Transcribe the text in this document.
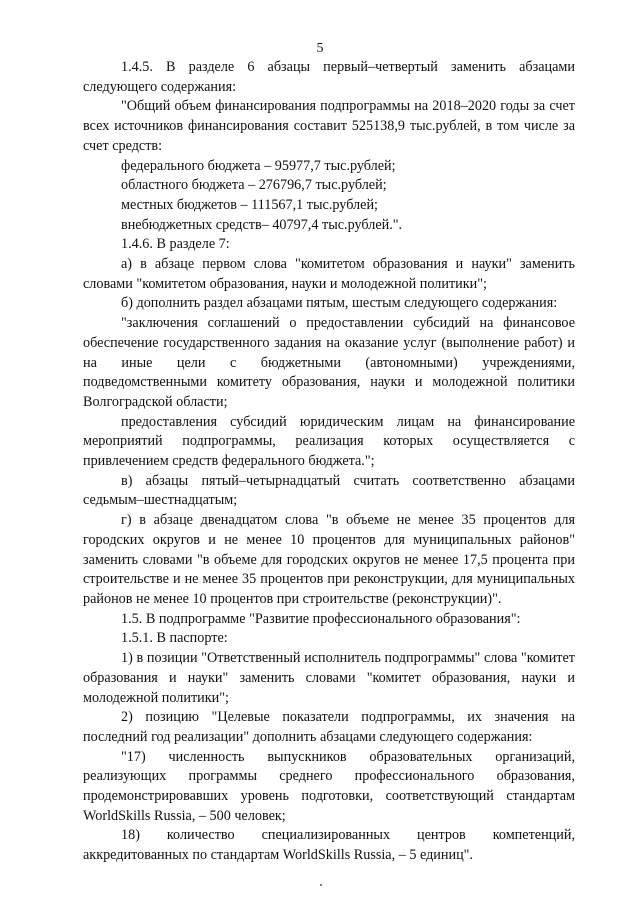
5

1.4.5. В разделе 6 абзацы первый–четвертый заменить абзацами следующего содержания:

"Общий объем финансирования подпрограммы на 2018–2020 годы за счет всех источников финансирования составит 525138,9 тыс.рублей, в том числе за счет средств:

федерального бюджета – 95977,7 тыс.рублей;

областного бюджета – 276796,7 тыс.рублей;

местных бюджетов – 111567,1 тыс.рублей;

внебюджетных средств– 40797,4 тыс.рублей.".

1.4.6. В разделе 7:

а) в абзаце первом слова "комитетом образования и науки" заменить словами "комитетом образования, науки и молодежной политики";

б) дополнить раздел абзацами пятым, шестым следующего содержания:

"заключения соглашений о предоставлении субсидий на финансовое обеспечение государственного задания на оказание услуг (выполнение работ) и на иные цели с бюджетными (автономными) учреждениями, подведомственными комитету образования, науки и молодежной политики Волгоградской области;

предоставления субсидий юридическим лицам на финансирование мероприятий подпрограммы, реализация которых осуществляется с привлечением средств федерального бюджета.";

в) абзацы пятый–четырнадцатый считать соответственно абзацами седьмым–шестнадцатым;

г) в абзаце двенадцатом слова "в объеме не менее 35 процентов для городских округов и не менее 10 процентов для муниципальных районов" заменить словами "в объеме для городских округов не менее 17,5 процента при строительстве и не менее 35 процентов при реконструкции, для муниципальных районов не менее 10 процентов при строительстве (реконструкции)".

1.5. В подпрограмме "Развитие профессионального образования":

1.5.1. В паспорте:

1) в позиции "Ответственный исполнитель подпрограммы" слова "комитет образования и науки" заменить словами "комитет образования, науки и молодежной политики";

2) позицию "Целевые показатели подпрограммы, их значения на последний год реализации" дополнить абзацами следующего содержания:

"17) численность выпускников образовательных организаций, реализующих программы среднего профессионального образования, продемонстрировавших уровень подготовки, соответствующий стандартам WorldSkills Russia, – 500 человек;

18) количество специализированных центров компетенций, аккредитованных по стандартам WorldSkills Russia, – 5 единиц".
